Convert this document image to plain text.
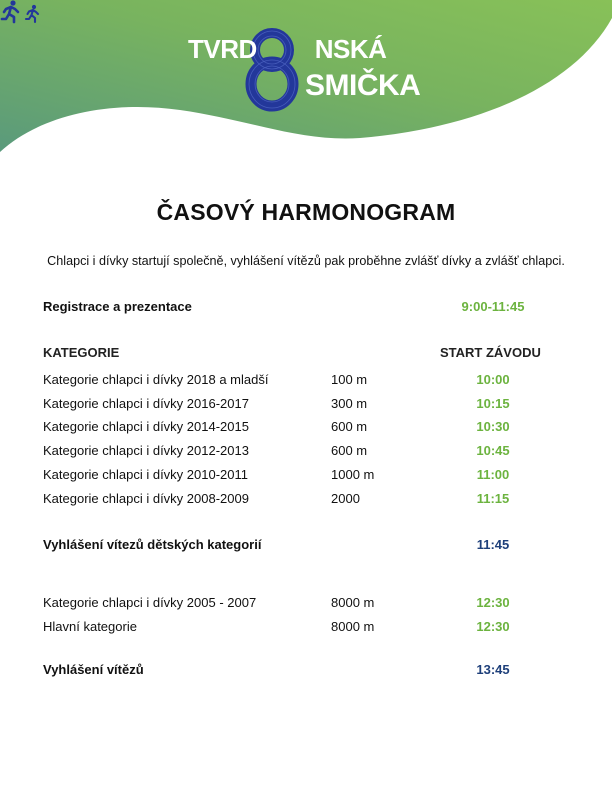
TVRD NSKÁ
SMIČKA
ČASOVÝ HARMONOGRAM
Chlapci i dívky startují společně, vyhlášení vítězů pak proběhne zvlášť dívky a zvlášť chlapci.
Registrace a prezentace	9:00-11:45
KATEGORIE	START ZÁVODU
Kategorie chlapci i dívky 2018 a mladší	100 m	10:00
Kategorie chlapci i dívky 2016-2017	300 m	10:15
Kategorie chlapci i dívky 2014-2015	600 m	10:30
Kategorie chlapci i dívky 2012-2013	600 m	10:45
Kategorie chlapci i dívky 2010-2011	1000 m	11:00
Kategorie chlapci i dívky 2008-2009	2000	11:15
Vyhlášení vítezů dětských kategorií	11:45
Kategorie chlapci i dívky 2005 - 2007	8000 m	12:30
Hlavní kategorie	8000 m	12:30
Vyhlášení vítězů	13:45
